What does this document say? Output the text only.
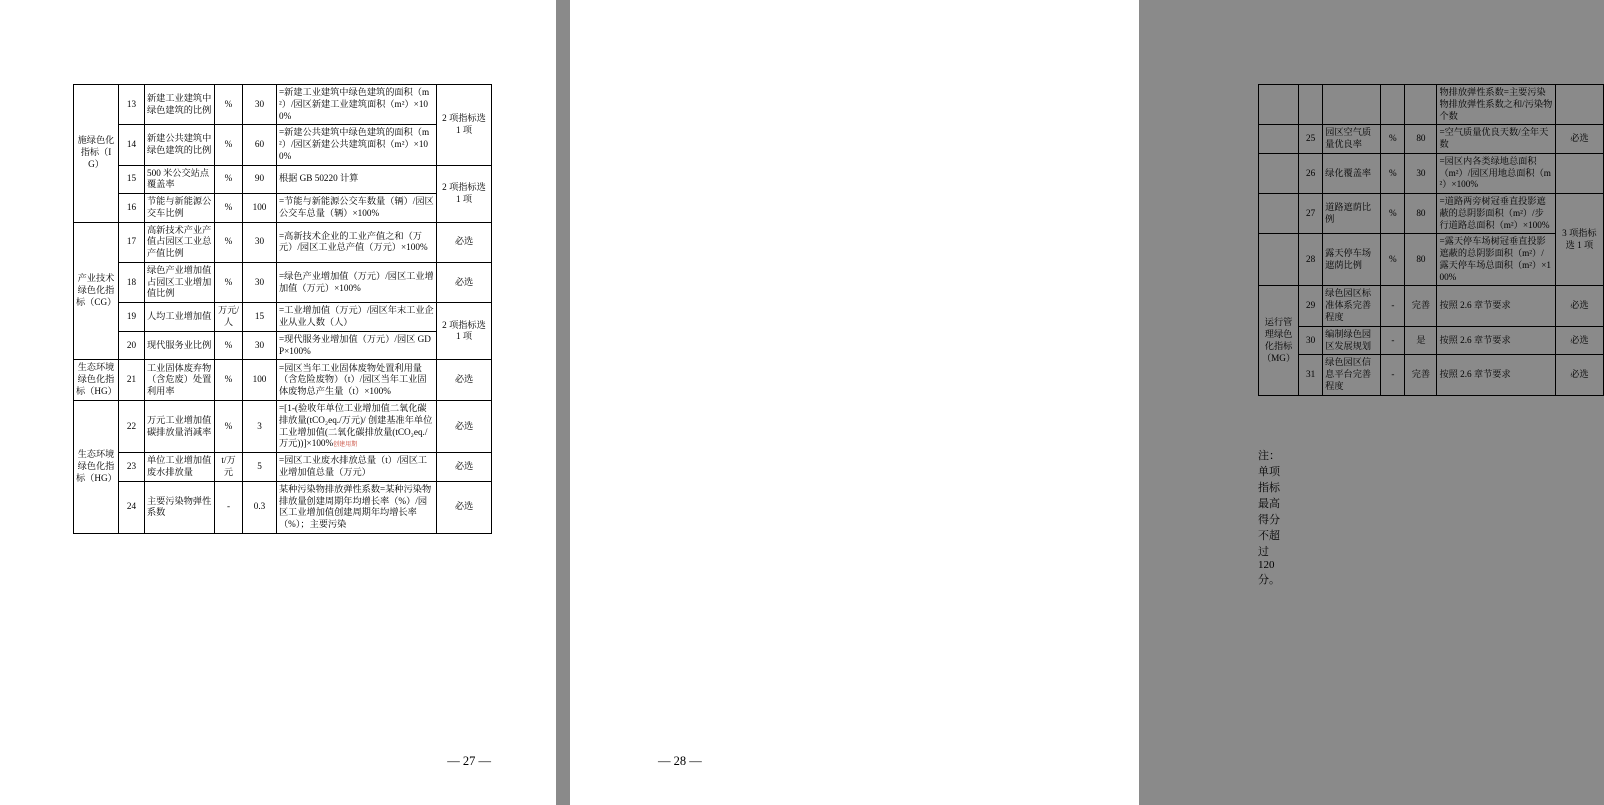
施绿色化指标（IG）	13	新建工业建筑中绿色建筑的比例	%	30	=新建工业建筑中绿色建筑的面积（m²）/园区新建工业建筑面积（m²）×100%	2 项指标选 1 项
	14	新建公共建筑中绿色建筑的比例	%	60	=新建公共建筑中绿色建筑的面积（m²）/园区新建公共建筑面积（m²）×100%	
	15	500 米公交站点覆盖率	%	90	根据 GB 50220 计算	2 项指标选 1 项
	16	节能与新能源公交车比例	%	100	=节能与新能源公交车数量（辆）/园区公交车总量（辆）×100%	
产业技术绿色化指标（CG）	17	高新技术产业产值占园区工业总产值比例	%	30	=高新技术企业的工业产值之和（万元）/园区工业总产值（万元）×100%	必选
	18	绿色产业增加值占园区工业增加值比例	%	30	=绿色产业增加值（万元）/园区工业增加值（万元）×100%	必选
	19	人均工业增加值	万元/人	15	=工业增加值（万元）/园区年末工业企业从业人数（人）	2 项指标选 1 项
	20	现代服务业比例	%	30	=现代服务业增加值（万元）/园区 GDP×100%	
生态环境绿色化指标（HG）	21	工业固体废弃物（含危废）处置利用率	%	100	=园区当年工业固体废物处置利用量（含危险废物）（t）/园区当年工业固体废物总产生量（t）×100%	必选
生态环境绿色化指标（HG）	22	万元工业增加值碳排放量消减率	%	3	=[1-(验收年单位工业增加值二氧化碳排放量(tCO₂eq./万元)/ 创建基准年单位工业增加值(二氧化碳排放量(tCO₂eq./万元))]×100%创建用期	必选
	23	单位工业增加值废水排放量	t/万元	5	=园区工业废水排放总量（t）/园区工业增加值总量（万元）	必选
	24	主要污染物弹性系数	-	0.3	某种污染物排放弹性系数=某种污染物排放量创建周期年均增长率（%）/园区工业增加值创建周期年均增长率（%）；主要污染	必选
— 27 —
					物排放弹性系数=主要污染物排放弹性系数之和/污染物个数	
	25	园区空气质量优良率	%	80	=空气质量优良天数/全年天数	必选
	26	绿化覆盖率	%	30	=园区内各类绿地总面积（m²）/园区用地总面积（m²）×100%	
	27	道路遮荫比例	%	80	=道路两旁树冠垂直投影遮蔽的总阴影面积（m²）/步行道路总面积（m²）×100%	3 项指标选 1 项
	28	露天停车场遮荫比例	%	80	=露天停车场树冠垂直投影遮蔽的总阴影面积（m²）/露天停车场总面积（m²）×100%	
运行管理绿色化指标（MG）	29	绿色园区标准体系完善程度	-	完善	按照 2.6 章节要求	必选
	30	编制绿色园区发展规划	-	是	按照 2.6 章节要求	必选
	31	绿色园区信息平台完善程度	-	完善	按照 2.6 章节要求	必选
注：单项指标最高得分不超过 120 分。
— 28 —
